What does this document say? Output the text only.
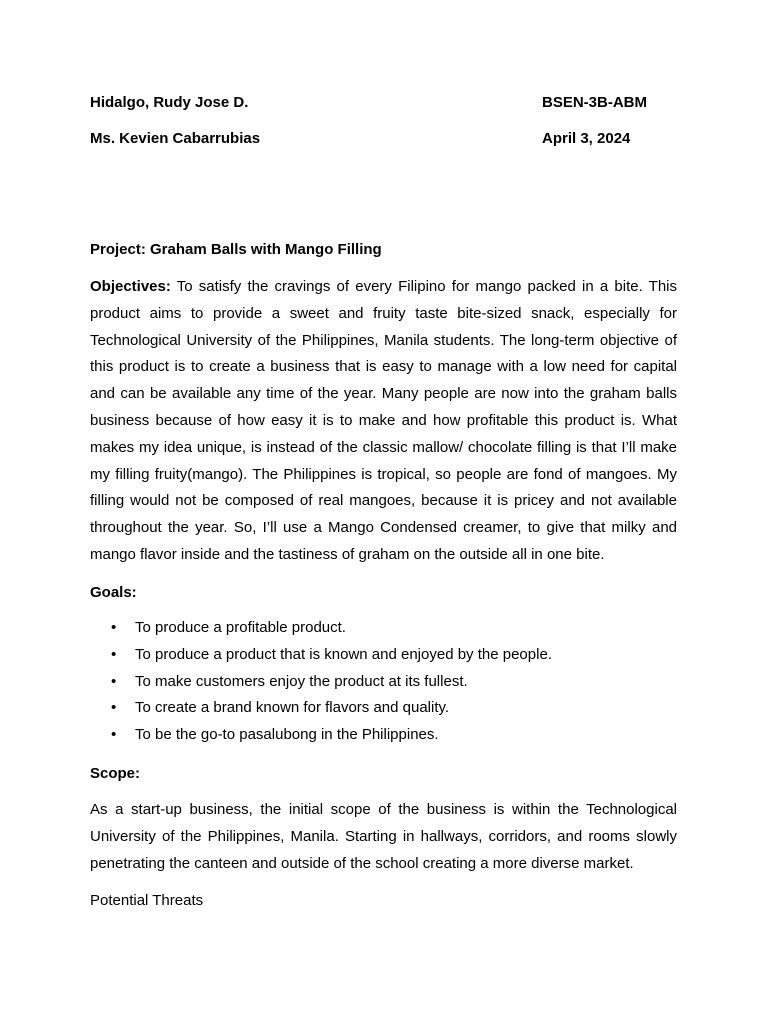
Hidalgo, Rudy Jose D.	BSEN-3B-ABM
Ms. Kevien Cabarrubias	April 3, 2024
Project: Graham Balls with Mango Filling
Objectives: To satisfy the cravings of every Filipino for mango packed in a bite. This product aims to provide a sweet and fruity taste bite-sized snack, especially for Technological University of the Philippines, Manila students. The long-term objective of this product is to create a business that is easy to manage with a low need for capital and can be available any time of the year. Many people are now into the graham balls business because of how easy it is to make and how profitable this product is. What makes my idea unique, is instead of the classic mallow/ chocolate filling is that I’ll make my filling fruity(mango). The Philippines is tropical, so people are fond of mangoes. My filling would not be composed of real mangoes, because it is pricey and not available throughout the year. So, I’ll use a Mango Condensed creamer, to give that milky and mango flavor inside and the tastiness of graham on the outside all in one bite.
Goals:
• To produce a profitable product.
• To produce a product that is known and enjoyed by the people.
• To make customers enjoy the product at its fullest.
• To create a brand known for flavors and quality.
• To be the go-to pasalubong in the Philippines.
Scope:
As a start-up business, the initial scope of the business is within the Technological University of the Philippines, Manila. Starting in hallways, corridors, and rooms slowly penetrating the canteen and outside of the school creating a more diverse market.
Potential Threats
